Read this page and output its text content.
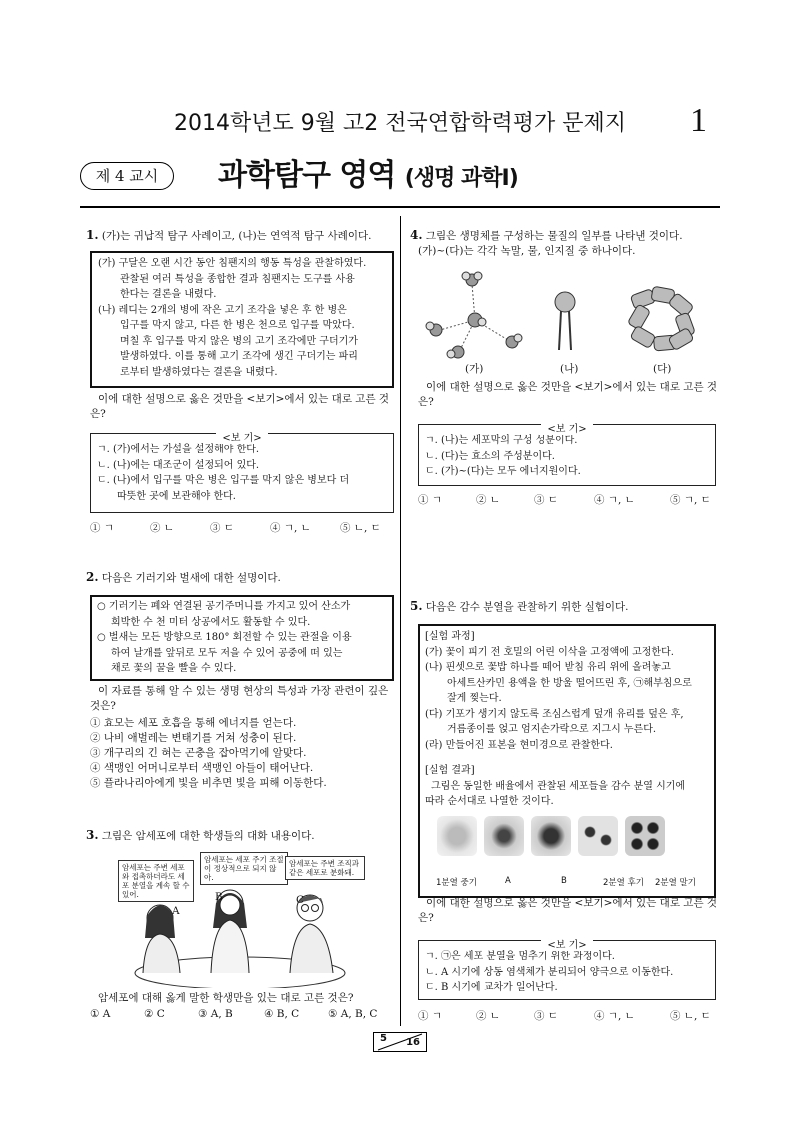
2014학년도 9월 고2 전국연합학력평가 문제지	1
제 4 교시	과학탐구 영역 (생명 과학Ⅰ)
1. (가)는 귀납적 탐구 사례이고, (나)는 연역적 탐구 사례이다.
(가) 구달은 오랜 시간 동안 침팬지의 행동 특성을 관찰하였다.
관찰된 여러 특성을 종합한 결과 침팬지는 도구를 사용
한다는 결론을 내렸다.
(나) 레디는 2개의 병에 작은 고기 조각을 넣은 후 한 병은
입구를 막지 않고, 다른 한 병은 천으로 입구를 막았다.
며칠 후 입구를 막지 않은 병의 고기 조각에만 구더기가
발생하였다. 이를 통해 고기 조각에 생긴 구더기는 파리
로부터 발생하였다는 결론을 내렸다.
이에 대한 설명으로 옳은 것만을 <보기>에서 있는 대로 고른 것은?
<보 기>
ㄱ. (가)에서는 가설을 설정해야 한다.
ㄴ. (나)에는 대조군이 설정되어 있다.
ㄷ. (나)에서 입구를 막은 병은 입구를 막지 않은 병보다 더
따뜻한 곳에 보관해야 한다.
① ㄱ	② ㄴ	③ ㄷ	④ ㄱ, ㄴ	⑤ ㄴ, ㄷ
2. 다음은 기러기와 벌새에 대한 설명이다.
○ 기러기는 폐와 연결된 공기주머니를 가지고 있어 산소가
희박한 수 천 미터 상공에서도 활동할 수 있다.
○ 벌새는 모든 방향으로 180° 회전할 수 있는 관절을 이용
하여 날개를 앞뒤로 모두 저을 수 있어 공중에 떠 있는
채로 꽃의 꿀을 빨을 수 있다.
이 자료를 통해 알 수 있는 생명 현상의 특성과 가장 관련이 깊은 것은?
① 효모는 세포 호흡을 통해 에너지를 얻는다.
② 나비 애벌레는 변태기를 거쳐 성충이 된다.
③ 개구리의 긴 혀는 곤충을 잡아먹기에 알맞다.
④ 색맹인 어머니로부터 색맹인 아들이 태어난다.
⑤ 플라나리아에게 빛을 비추면 빛을 피해 이동한다.
3. 그림은 암세포에 대한 학생들의 대화 내용이다.
암세포는 주변 세포와 접촉하더라도 세포 분열을 계속 할 수 있어.
암세포는 세포 주기 조절이 정상적으로 되지 않아.
암세포는 주변 조직과 같은 세포로 분화돼.
A
B	C
암세포에 대해 옳게 말한 학생만을 있는 대로 고른 것은?
① A	② C	③ A, B	④ B, C	⑤ A, B, C
4. 그림은 생명체를 구성하는 물질의 일부를 나타낸 것이다.
(가)~(다)는 각각 녹말, 물, 인지질 중 하나이다.
(가)	(나)	(다)
이에 대한 설명으로 옳은 것만을 <보기>에서 있는 대로 고른 것은?
<보 기>
ㄱ. (나)는 세포막의 구성 성분이다.
ㄴ. (다)는 효소의 주성분이다.
ㄷ. (가)~(다)는 모두 에너지원이다.
① ㄱ	② ㄴ	③ ㄷ	④ ㄱ, ㄴ	⑤ ㄱ, ㄷ
5. 다음은 감수 분열을 관찰하기 위한 실험이다.
[실험 과정]
(가) 꽃이 피기 전 호밀의 어린 이삭을 고정액에 고정한다.
(나) 핀셋으로 꽃밥 하나를 떼어 받침 유리 위에 올려놓고
아세트산카민 용액을 한 방울 떨어뜨린 후, ㉠해부침으로
잘게 찢는다.
(다) 기포가 생기지 않도록 조심스럽게 덮개 유리를 덮은 후,
거름종이를 얹고 엄지손가락으로 지그시 누른다.
(라) 만들어진 표본을 현미경으로 관찰한다.
[실험 결과]
그림은 동일한 배율에서 관찰된 세포들을 감수 분열 시기에
따라 순서대로 나열한 것이다.
1분열 중기	A	B	2분열 후기 2분열 말기
이에 대한 설명으로 옳은 것만을 <보기>에서 있는 대로 고른 것은?
<보 기>
ㄱ. ㉠은 세포 분열을 멈추기 위한 과정이다.
ㄴ. A 시기에 상동 염색체가 분리되어 양극으로 이동한다.
ㄷ. B 시기에 교차가 일어난다.
① ㄱ	② ㄴ	③ ㄷ	④ ㄱ, ㄴ	⑤ ㄴ, ㄷ
5 16
